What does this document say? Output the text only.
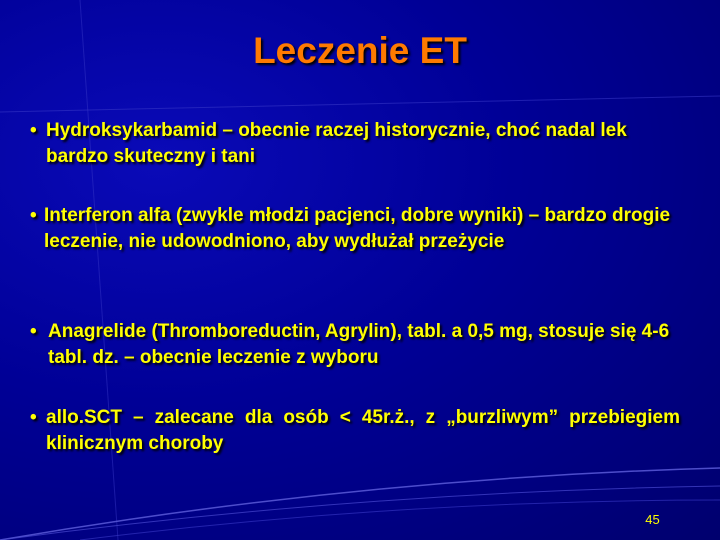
Leczenie ET
• Hydroksykarbamid – obecnie raczej historycznie, choć nadal lek bardzo skuteczny i tani
• Interferon alfa (zwykle młodzi pacjenci, dobre wyniki) – bardzo drogie leczenie, nie udowodniono, aby wydłużał przeżycie
• Anagrelide (Thromboreductin, Agrylin), tabl. a 0,5 mg, stosuje się 4-6 tabl. dz. – obecnie leczenie z wyboru
• allo.SCT – zalecane dla osób < 45r.ż., z „burzliwym” przebiegiem klinicznym choroby
45
